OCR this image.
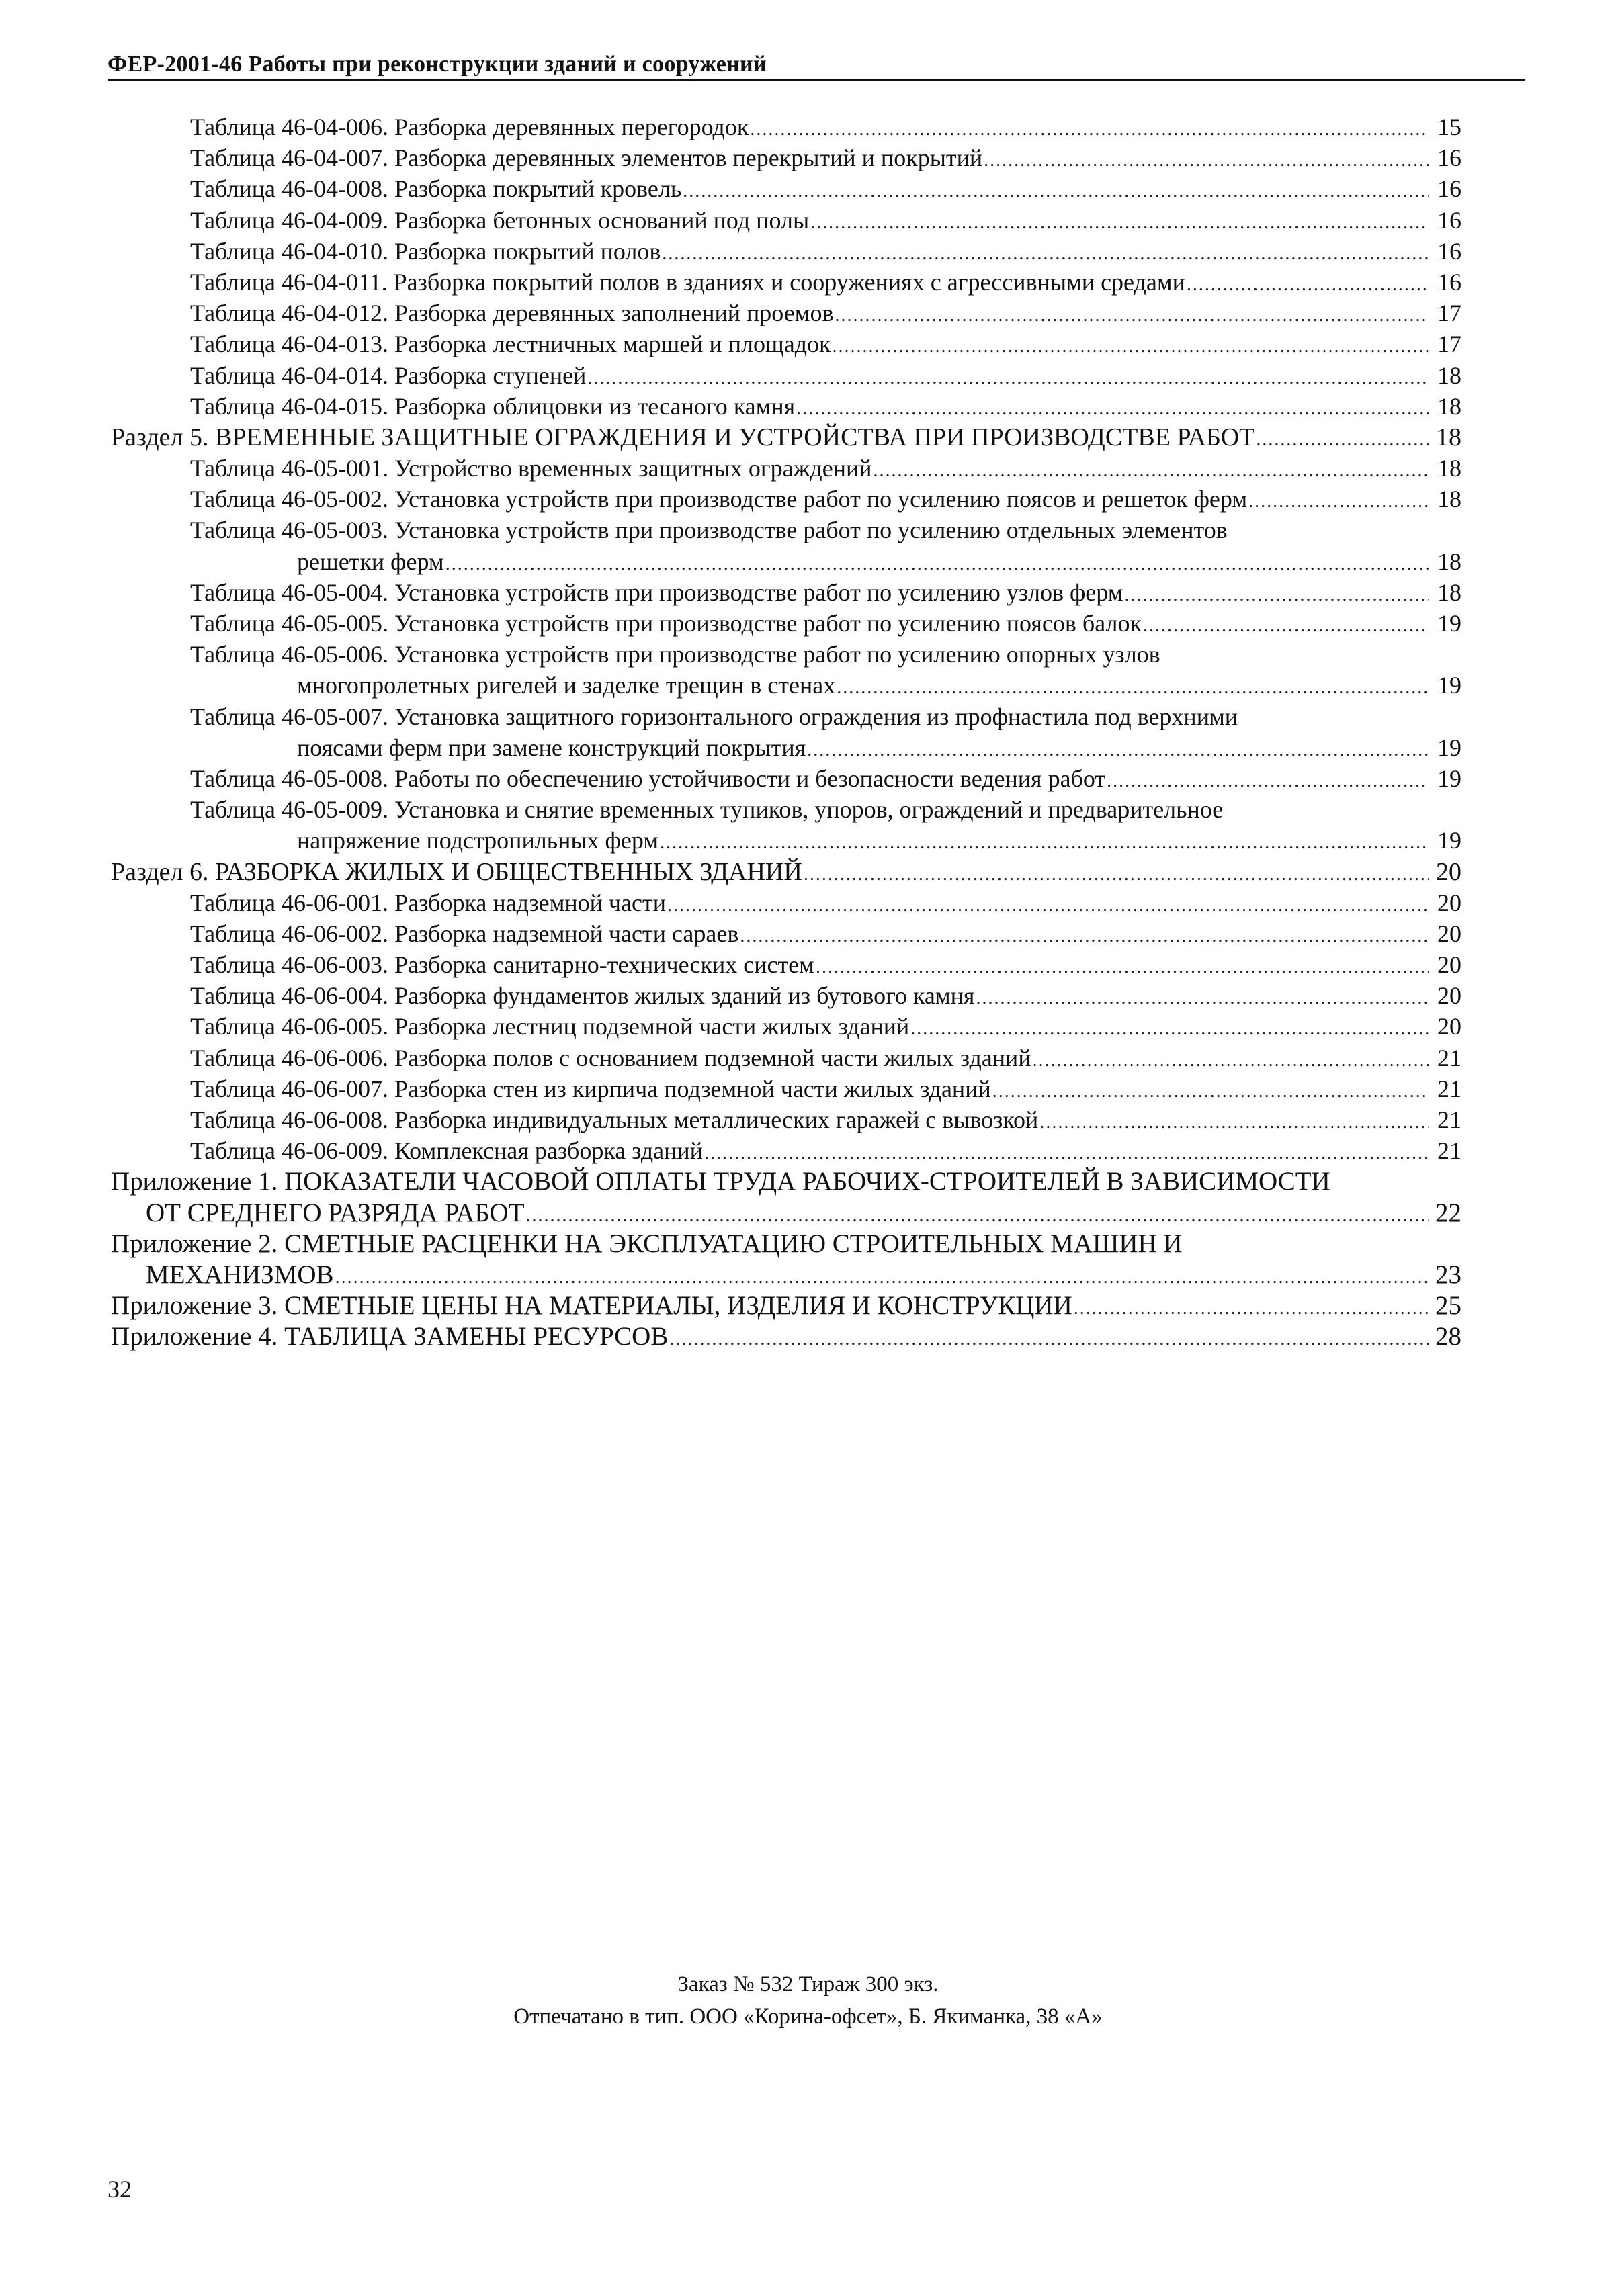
ФЕР-2001-46 Работы при реконструкции зданий и сооружений
Таблица 46-04-006. Разборка деревянных перегородок .....	15
Таблица 46-04-007. Разборка деревянных элементов перекрытий и покрытий .....	16
Таблица 46-04-008. Разборка покрытий кровель .....	16
Таблица 46-04-009. Разборка бетонных оснований под полы .....	16
Таблица 46-04-010. Разборка покрытий полов .....	16
Таблица 46-04-011. Разборка покрытий полов в зданиях и сооружениях с агрессивными средами .....	16
Таблица 46-04-012. Разборка деревянных заполнений проемов .....	17
Таблица 46-04-013. Разборка лестничных маршей и площадок .....	17
Таблица 46-04-014. Разборка ступеней .....	18
Таблица 46-04-015. Разборка облицовки из тесаного камня .....	18
Раздел 5. ВРЕМЕННЫЕ ЗАЩИТНЫЕ ОГРАЖДЕНИЯ И УСТРОЙСТВА ПРИ ПРОИЗВОДСТВЕ РАБОТ .....	18
Таблица 46-05-001. Устройство временных защитных ограждений .....	18
Таблица 46-05-002. Установка устройств при производстве работ по усилению поясов и решеток ферм .....	18
Таблица 46-05-003. Установка устройств при производстве работ по усилению отдельных элементов
решетки ферм .....	18
Таблица 46-05-004. Установка устройств при производстве работ по усилению узлов ферм .....	18
Таблица 46-05-005. Установка устройств при производстве работ по усилению поясов балок .....	19
Таблица 46-05-006. Установка устройств при производстве работ по усилению опорных узлов
многопролетных ригелей и заделке трещин в стенах .....	19
Таблица 46-05-007. Установка защитного горизонтального ограждения из профнастила под верхними
поясами ферм при замене конструкций покрытия .....	19
Таблица 46-05-008. Работы по обеспечению устойчивости и безопасности ведения работ .....	19
Таблица 46-05-009. Установка и снятие временных тупиков, упоров, ограждений и предварительное
напряжение подстропильных ферм .....	19
Раздел 6. РАЗБОРКА ЖИЛЫХ И ОБЩЕСТВЕННЫХ ЗДАНИЙ .....	20
Таблица 46-06-001. Разборка надземной части .....	20
Таблица 46-06-002. Разборка надземной части сараев .....	20
Таблица 46-06-003. Разборка санитарно-технических систем .....	20
Таблица 46-06-004. Разборка фундаментов жилых зданий из бутового камня .....	20
Таблица 46-06-005. Разборка лестниц подземной части жилых зданий .....	20
Таблица 46-06-006. Разборка полов с основанием подземной части жилых зданий .....	21
Таблица 46-06-007. Разборка стен из кирпича подземной части жилых зданий .....	21
Таблица 46-06-008. Разборка индивидуальных металлических гаражей с вывозкой .....	21
Таблица 46-06-009. Комплексная разборка зданий .....	21
Приложение 1. ПОКАЗАТЕЛИ ЧАСОВОЙ ОПЛАТЫ ТРУДА РАБОЧИХ-СТРОИТЕЛЕЙ В ЗАВИСИМОСТИ
ОТ СРЕДНЕГО РАЗРЯДА РАБОТ .....	22
Приложение 2. СМЕТНЫЕ РАСЦЕНКИ НА ЭКСПЛУАТАЦИЮ СТРОИТЕЛЬНЫХ МАШИН И
МЕХАНИЗМОВ .....	23
Приложение 3. СМЕТНЫЕ ЦЕНЫ НА МАТЕРИАЛЫ, ИЗДЕЛИЯ И КОНСТРУКЦИИ .....	25
Приложение 4. ТАБЛИЦА ЗАМЕНЫ РЕСУРСОВ .....	28
Заказ № 532 Тираж 300 экз.
Отпечатано в тип. ООО «Корина-офсет», Б. Якиманка, 38 «А»
32
